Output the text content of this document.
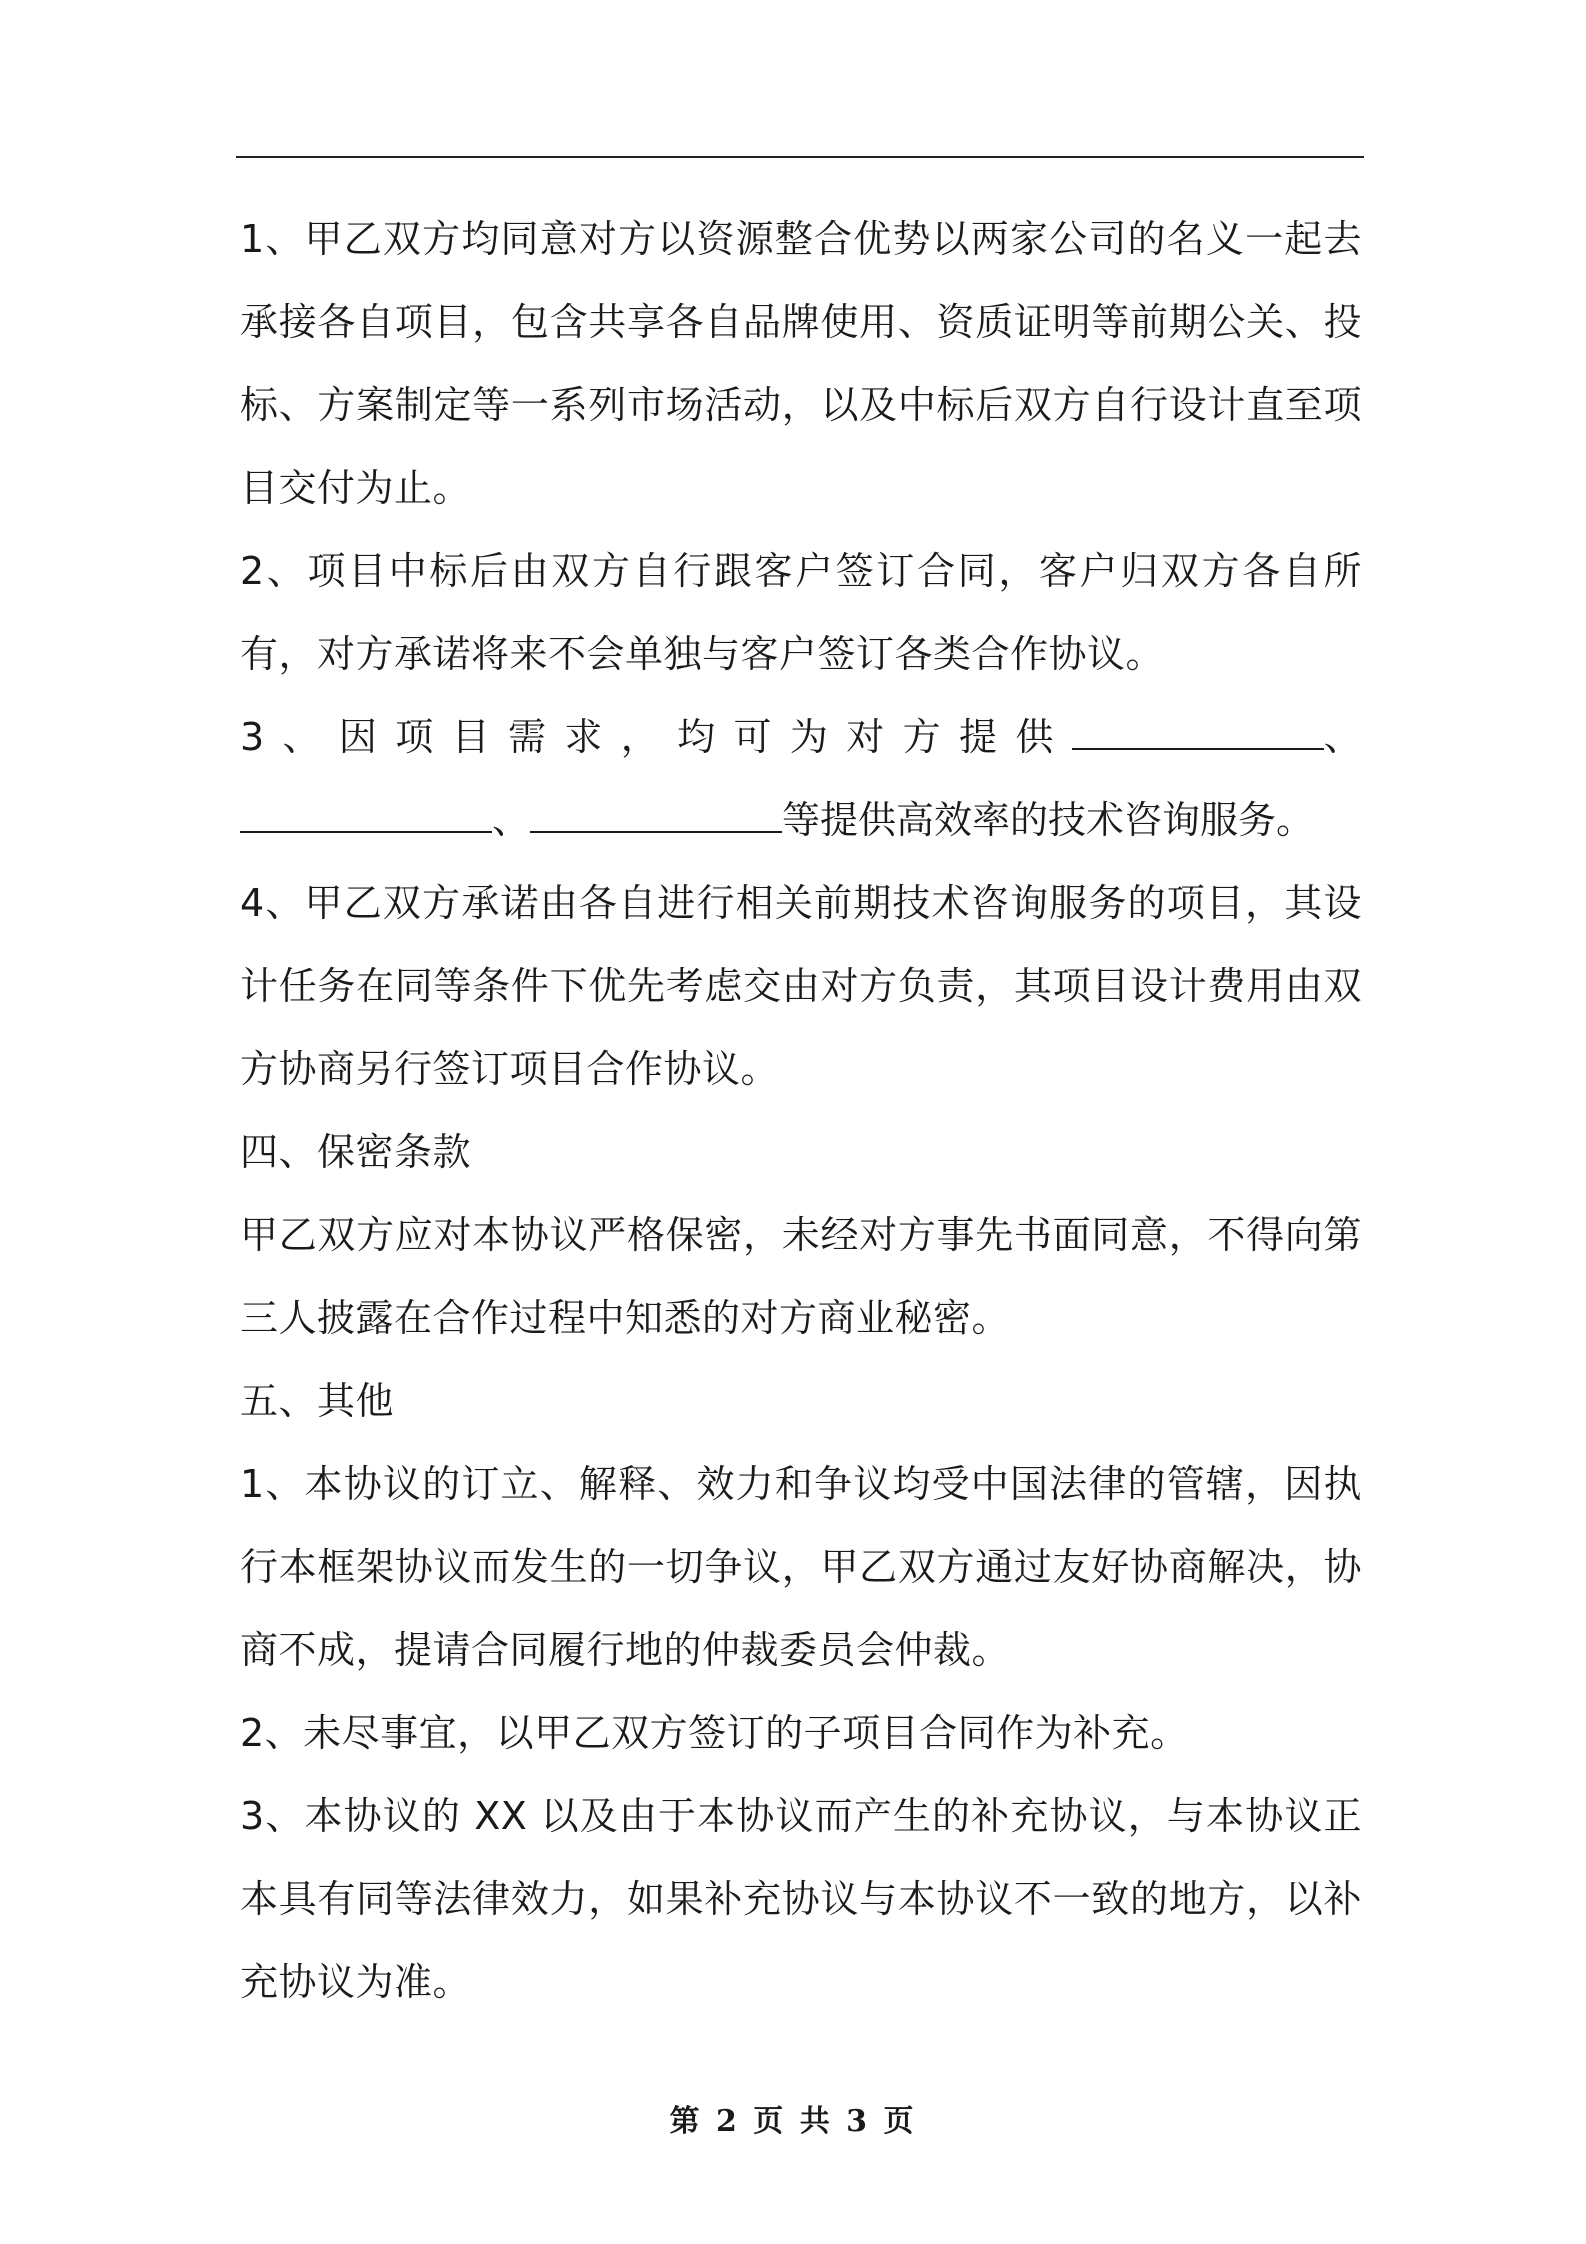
1、甲乙双方均同意对方以资源整合优势以两家公司的名义一起去承接各自项目，包含共享各自品牌使用、资质证明等前期公关、投标、方案制定等一系列市场活动，以及中标后双方自行设计直至项目交付为止。

2、项目中标后由双方自行跟客户签订合同，客户归双方各自所有，对方承诺将来不会单独与客户签订各类合作协议。

3 、 因 项 目 需 求 ， 均 可 为 对 方 提 供	、
、	等提供高效率的技术咨询服务。

4、甲乙双方承诺由各自进行相关前期技术咨询服务的项目，其设计任务在同等条件下优先考虑交由对方负责，其项目设计费用由双方协商另行签订项目合作协议。

四、保密条款

甲乙双方应对本协议严格保密，未经对方事先书面同意，不得向第三人披露在合作过程中知悉的对方商业秘密。

五、其他

1、本协议的订立、解释、效力和争议均受中国法律的管辖，因执行本框架协议而发生的一切争议，甲乙双方通过友好协商解决，协商不成，提请合同履行地的仲裁委员会仲裁。

2、未尽事宜，以甲乙双方签订的子项目合同作为补充。

3、本协议的 XX 以及由于本协议而产生的补充协议，与本协议正本具有同等法律效力，如果补充协议与本协议不一致的地方，以补充协议为准。

第 2 页 共 3 页
